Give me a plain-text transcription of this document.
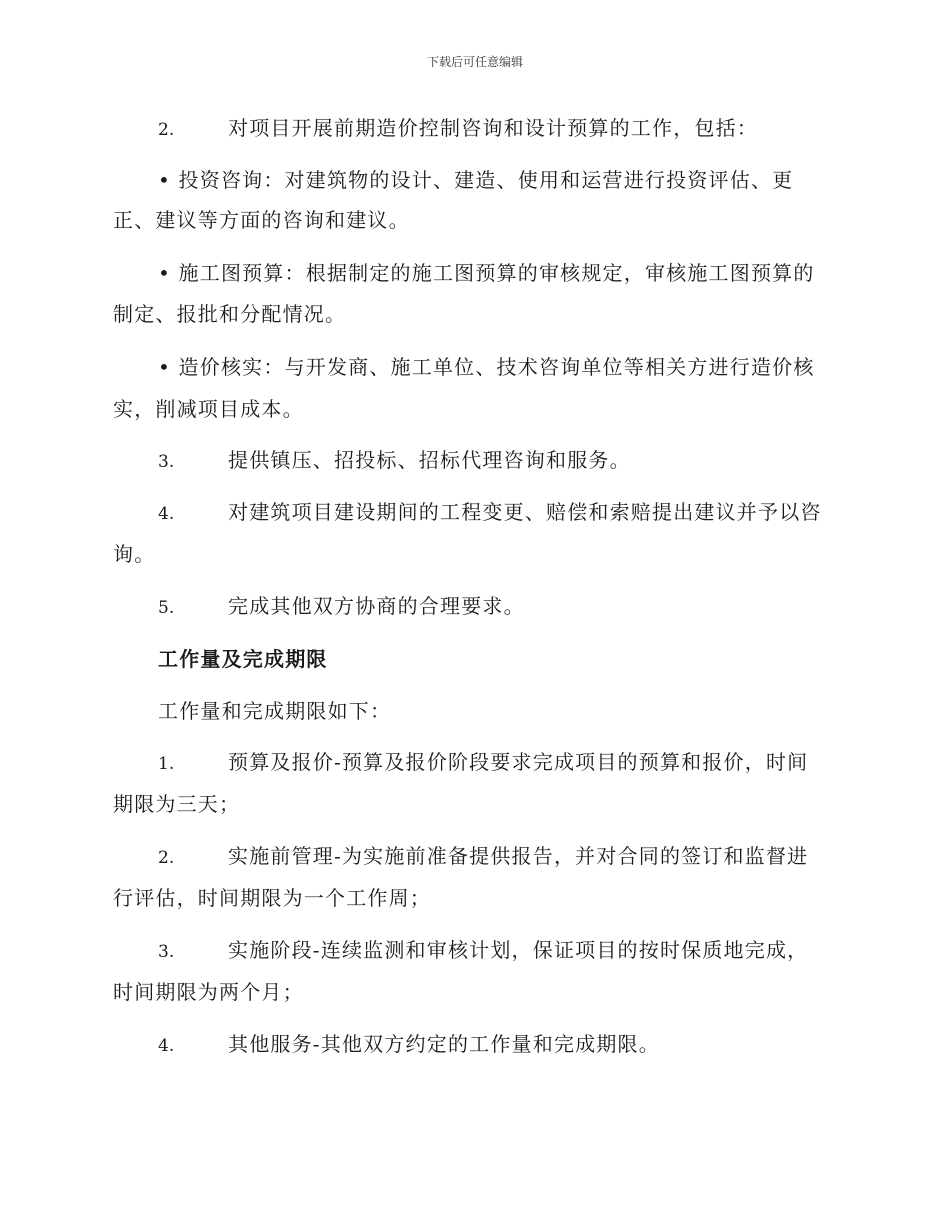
下载后可任意编辑
2.	对项目开展前期造价控制咨询和设计预算的工作，包括：
• 投资咨询：对建筑物的设计、建造、使用和运营进行投资评估、更
正、建议等方面的咨询和建议。
• 施工图预算：根据制定的施工图预算的审核规定，审核施工图预算的
制定、报批和分配情况。
• 造价核实：与开发商、施工单位、技术咨询单位等相关方进行造价核
实，削减项目成本。
3.	提供镇压、招投标、招标代理咨询和服务。
4.	对建筑项目建设期间的工程变更、赔偿和索赔提出建议并予以咨
询。
5.	完成其他双方协商的合理要求。
工作量及完成期限
工作量和完成期限如下：
1.	预算及报价-预算及报价阶段要求完成项目的预算和报价，时间
期限为三天；
2.	实施前管理-为实施前准备提供报告，并对合同的签订和监督进
行评估，时间期限为一个工作周；
3.	实施阶段-连续监测和审核计划，保证项目的按时保质地完成，
时间期限为两个月；
4.	其他服务-其他双方约定的工作量和完成期限。
